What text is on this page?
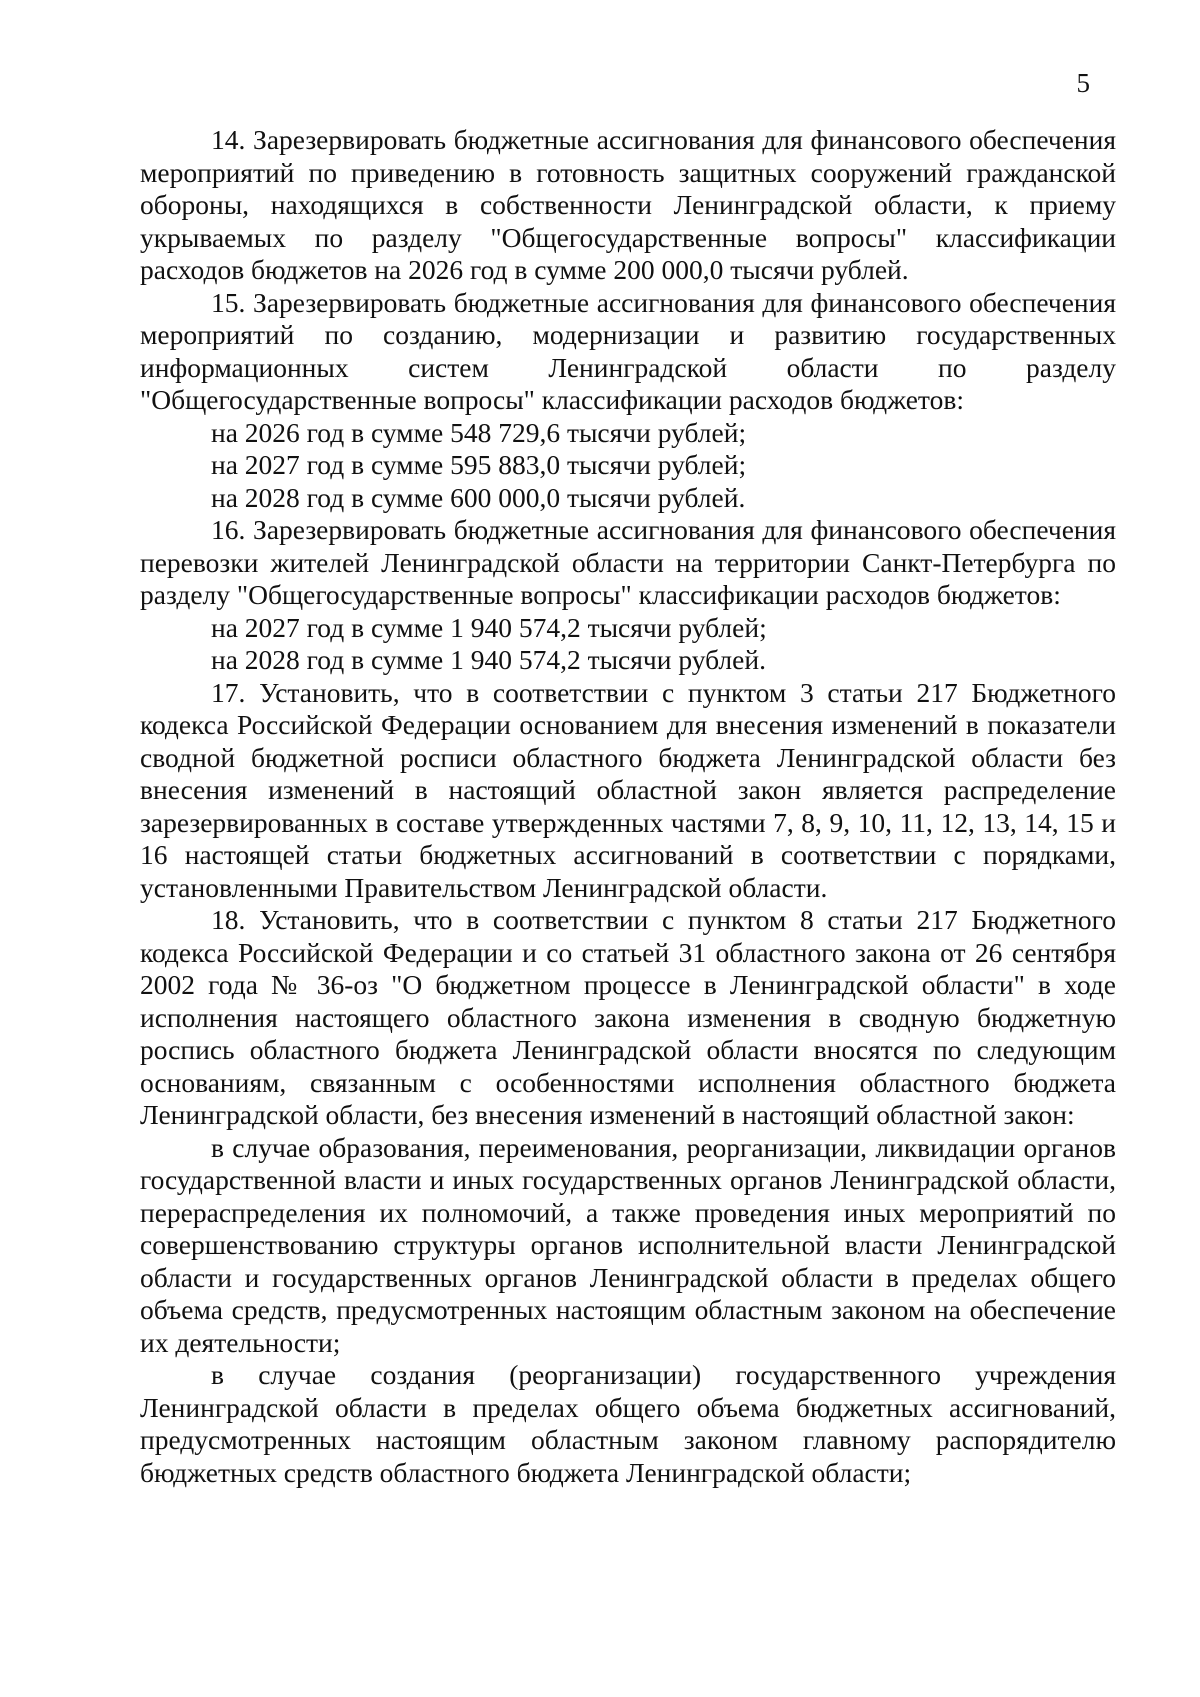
5

14. Зарезервировать бюджетные ассигнования для финансового обеспечения мероприятий по приведению в готовность защитных сооружений гражданской обороны, находящихся в собственности Ленинградской области, к приему укрываемых по разделу "Общегосударственные вопросы" классификации расходов бюджетов на 2026 год в сумме 200 000,0 тысячи рублей.

15. Зарезервировать бюджетные ассигнования для финансового обеспечения мероприятий по созданию, модернизации и развитию государственных информационных систем Ленинградской области по разделу "Общегосударственные вопросы" классификации расходов бюджетов:

на 2026 год в сумме 548 729,6 тысячи рублей;

на 2027 год в сумме 595 883,0 тысячи рублей;

на 2028 год в сумме 600 000,0 тысячи рублей.

16. Зарезервировать бюджетные ассигнования для финансового обеспечения перевозки жителей Ленинградской области на территории Санкт-Петербурга по разделу "Общегосударственные вопросы" классификации расходов бюджетов:

на 2027 год в сумме 1 940 574,2 тысячи рублей;

на 2028 год в сумме 1 940 574,2 тысячи рублей.

17. Установить, что в соответствии с пунктом 3 статьи 217 Бюджетного кодекса Российской Федерации основанием для внесения изменений в показатели сводной бюджетной росписи областного бюджета Ленинградской области без внесения изменений в настоящий областной закон является распределение зарезервированных в составе утвержденных частями 7, 8, 9, 10, 11, 12, 13, 14, 15 и 16 настоящей статьи бюджетных ассигнований в соответствии с порядками, установленными Правительством Ленинградской области.

18. Установить, что в соответствии с пунктом 8 статьи 217 Бюджетного кодекса Российской Федерации и со статьей 31 областного закона от 26 сентября 2002 года № 36-оз "О бюджетном процессе в Ленинградской области" в ходе исполнения настоящего областного закона изменения в сводную бюджетную роспись областного бюджета Ленинградской области вносятся по следующим основаниям, связанным с особенностями исполнения областного бюджета Ленинградской области, без внесения изменений в настоящий областной закон:

в случае образования, переименования, реорганизации, ликвидации органов государственной власти и иных государственных органов Ленинградской области, перераспределения их полномочий, а также проведения иных мероприятий по совершенствованию структуры органов исполнительной власти Ленинградской области и государственных органов Ленинградской области в пределах общего объема средств, предусмотренных настоящим областным законом на обеспечение их деятельности;

в случае создания (реорганизации) государственного учреждения Ленинградской области в пределах общего объема бюджетных ассигнований, предусмотренных настоящим областным законом главному распорядителю бюджетных средств областного бюджета Ленинградской области;
